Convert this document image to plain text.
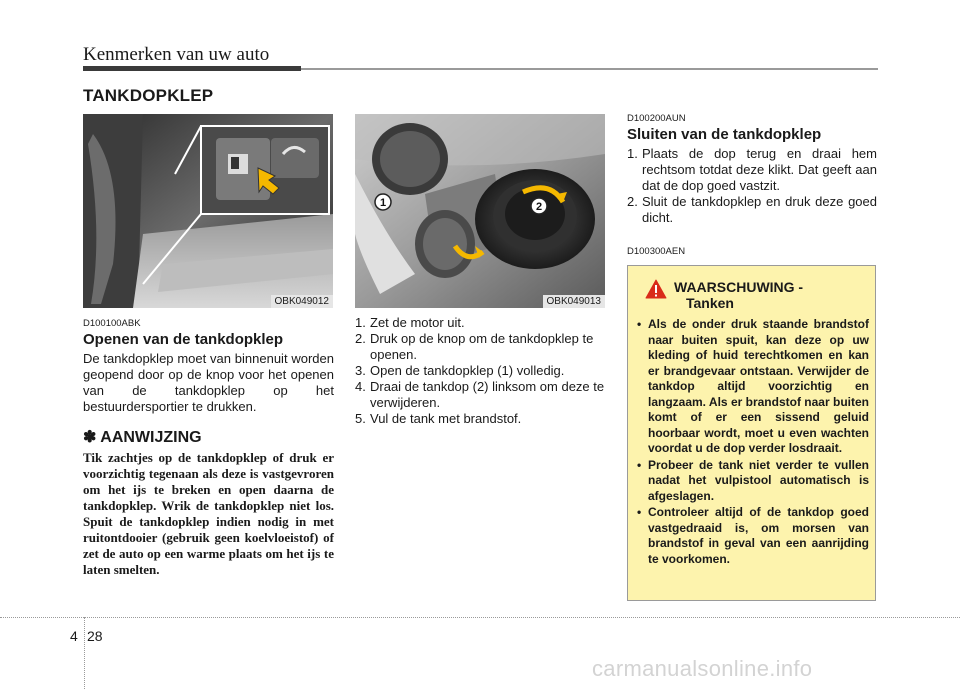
Kenmerken van uw auto
TANKDOPKLEP
OBK049012
1	2
OBK049013
D100100ABK
Openen van de tankdopklep
De tankdopklep moet van binnenuit worden geopend door op de knop voor het openen van de tankdopklep op het bestuurdersportier te drukken.
✽ AANWIJZING
Tik zachtjes op de tankdopklep of druk er voorzichtig tegenaan als deze is vastgevroren om het ijs te breken en open daarna de tankdopklep. Wrik de tankdopklep niet los. Spuit de tankdopklep indien nodig in met ruitontdooier (gebruik geen koelvloeistof) of zet de auto op een warme plaats om het ijs te laten smelten.
1. Zet de motor uit.
2. Druk op de knop om de tankdopklep te openen.
3. Open de tankdopklep (1) volledig.
4. Draai de tankdop (2) linksom om deze te verwijderen.
5. Vul de tank met brandstof.
D100200AUN
Sluiten van de tankdopklep
1. Plaats de dop terug en draai hem rechtsom totdat deze klikt. Dat geeft aan dat de dop goed vastzit.
2. Sluit de tankdopklep en druk deze goed dicht.
D100300AEN
WAARSCHUWING -
Tanken
• Als de onder druk staande brandstof naar buiten spuit, kan deze op uw kleding of huid terechtkomen en kan er brandgevaar ontstaan. Verwijder de tankdop altijd voorzichtig en langzaam. Als er brandstof naar buiten komt of er een sissend geluid hoorbaar wordt, moet u even wachten voordat u de dop verder losdraait.
• Probeer de tank niet verder te vullen nadat het vulpistool automatisch is afgeslagen.
• Controleer altijd of de tankdop goed vastgedraaid is, om morsen van brandstof in geval van een aanrijding te voorkomen.
4 28
carmanualsonline.info
